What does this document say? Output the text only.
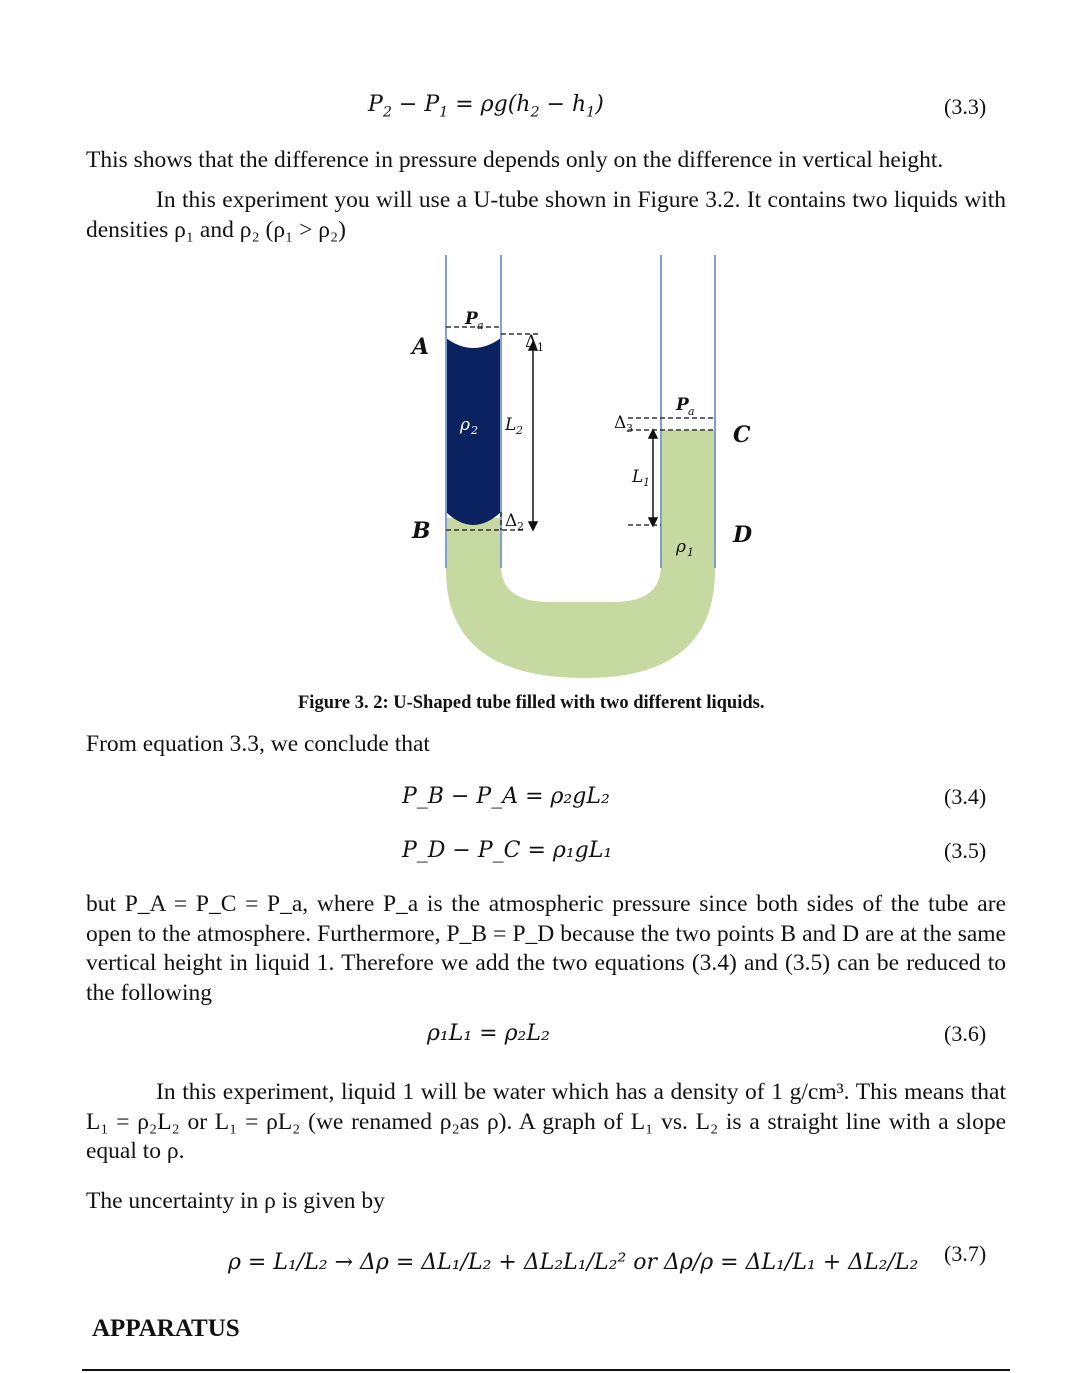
$P_2 - P_1 = \rho g(h_2 - h_1)$	(3.3)
This shows that the difference in pressure depends only on the difference in vertical height.
In this experiment you will use a U-tube shown in Figure 3.2. It contains two liquids with densities ρ₁ and ρ₂ (ρ₁ > ρ₂)
A
B
C
D
P a
P a
ρ 2 L 2
Δ 1
Δ 2
Δ 3
L 1
ρ 1
Figure 3. 2: U-Shaped tube filled with two different liquids.
From equation 3.3, we conclude that
P_B − P_A = ρ₂gL₂	(3.4)
P_D − P_C = ρ₁gL₁	(3.5)
but P_A = P_C = P_a, where P_a is the atmospheric pressure since both sides of the tube are open to the atmosphere. Furthermore, P_B = P_D because the two points B and D are at the same vertical height in liquid 1. Therefore we add the two equations (3.4) and (3.5) can be reduced to the following
ρ₁L₁ = ρ₂L₂	(3.6)
In this experiment, liquid 1 will be water which has a density of 1 g/cm³. This means that L₁ = ρ₂L₂ or L₁ = ρL₂ (we renamed ρ₂as ρ). A graph of L₁ vs. L₂ is a straight line with a slope equal to ρ.
The uncertainty in ρ is given by
ρ = L₁/L₂ → Δρ = ΔL₁/L₂ + ΔL₂L₁/L₂² or Δρ/ρ = ΔL₁/L₁ + ΔL₂/L₂ (3.7)
APPARATUS
